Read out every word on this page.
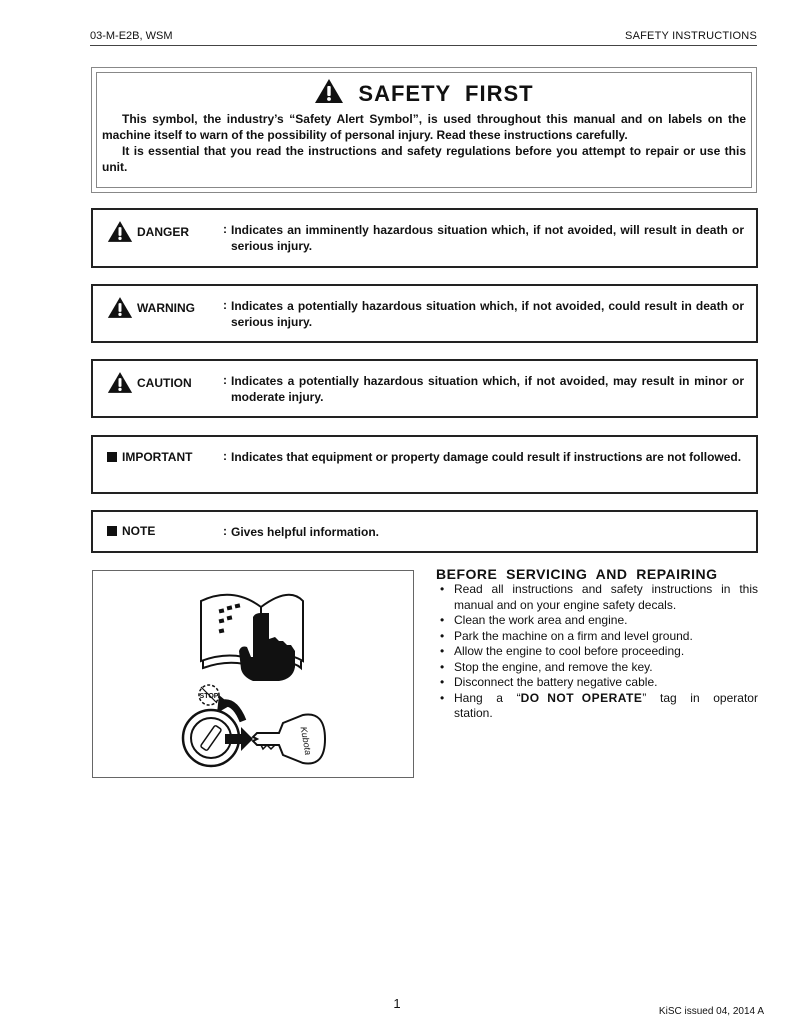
03-M-E2B, WSM	SAFETY INSTRUCTIONS
SAFETY  FIRST
This symbol, the industry’s “Safety Alert Symbol”, is used throughout this manual and on labels on the machine itself to warn of the possibility of personal injury. Read these instructions carefully.
It is essential that you read the instructions and safety regulations before you attempt to repair or use this unit.
DANGER	: Indicates an imminently hazardous situation which, if not avoided, will result in death or serious injury.
WARNING : Indicates a potentially hazardous situation which, if not avoided, could result in death or serious injury.
CAUTION	: Indicates a potentially hazardous situation which, if not avoided, may result in minor or moderate injury.
IMPORTANT	: Indicates that equipment or property damage could result if instructions are not followed.
NOTE	: Gives helpful information.
STOP
Kubota
BEFORE  SERVICING  AND  REPAIRING
• Read all instructions and safety instructions in this manual and on your engine safety decals.
• Clean the work area and engine.
• Park the machine on a firm and level ground.
• Allow the engine to cool before proceeding.
• Stop the engine, and remove the key.
• Disconnect the battery negative cable.
• Hang a “DO  NOT  OPERATE” tag in operator
station.
1
KiSC issued 04, 2014 A
